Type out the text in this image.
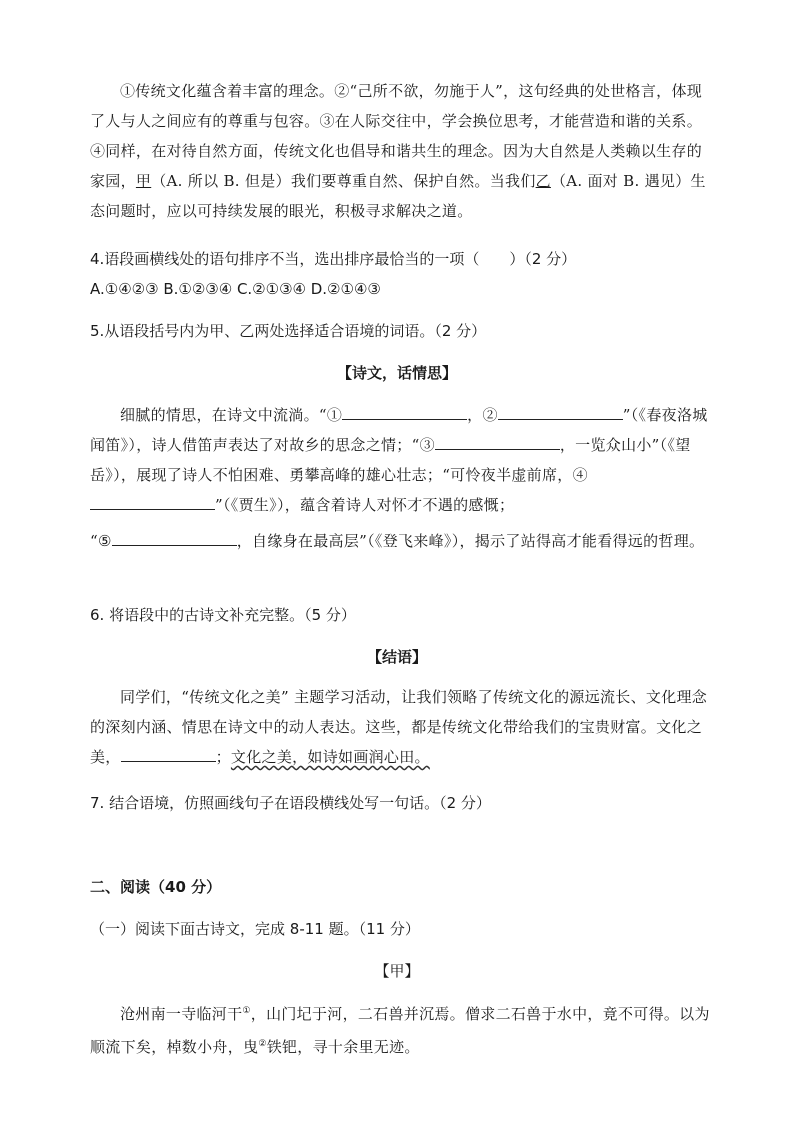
①传统文化蕴含着丰富的理念。②“己所不欲，勿施于人”，这句经典的处世格言，体现了人与人之间应有的尊重与包容。③在人际交往中，学会换位思考，才能营造和谐的关系。④同样，在对待自然方面，传统文化也倡导和谐共生的理念。因为大自然是人类赖以生存的家园，甲（A. 所以 B. 但是）我们要尊重自然、保护自然。当我们乙（A. 面对 B. 遇见）生态问题时，应以可持续发展的眼光，积极寻求解决之道。
4.语段画横线处的语句排序不当，选出排序最恰当的一项（　　）（2 分）
A.①④②③ B.①②③④ C.②①③④ D.②①④③
5.从语段括号内为甲、乙两处选择适合语境的词语。（2 分）
【诗文，话情思】
细腻的情思，在诗文中流淌。“①	，②	”（《春夜洛城闻笛》），诗人借笛声表达了对故乡的思念之情；“③	，一览众山小”（《望岳》），展现了诗人不怕困难、勇攀高峰的雄心壮志；“可怜夜半虚前席，④”（《贾生》），蕴含着诗人对怀才不遇的感慨；
“⑤	，自缘身在最高层”（《登飞来峰》），揭示了站得高才能看得远的哲理。
6. 将语段中的古诗文补充完整。（5 分）
【结语】
同学们，“传统文化之美” 主题学习活动，让我们领略了传统文化的源远流长、文化理念的深刻内涵、情思在诗文中的动人表达。这些，都是传统文化带给我们的宝贵财富。文化之美，	；文化之美，如诗如画润心田。
7. 结合语境，仿照画线句子在语段横线处写一句话。（2 分）
二、阅读（40 分）
（一）阅读下面古诗文，完成 8-11 题。（11 分）
【甲】
沧州南一寺临河干①，山门圮于河，二石兽并沉焉。僧求二石兽于水中，竟不可得。以为顺流下矣，棹数小舟，曳②铁钯，寻十余里无迹。
